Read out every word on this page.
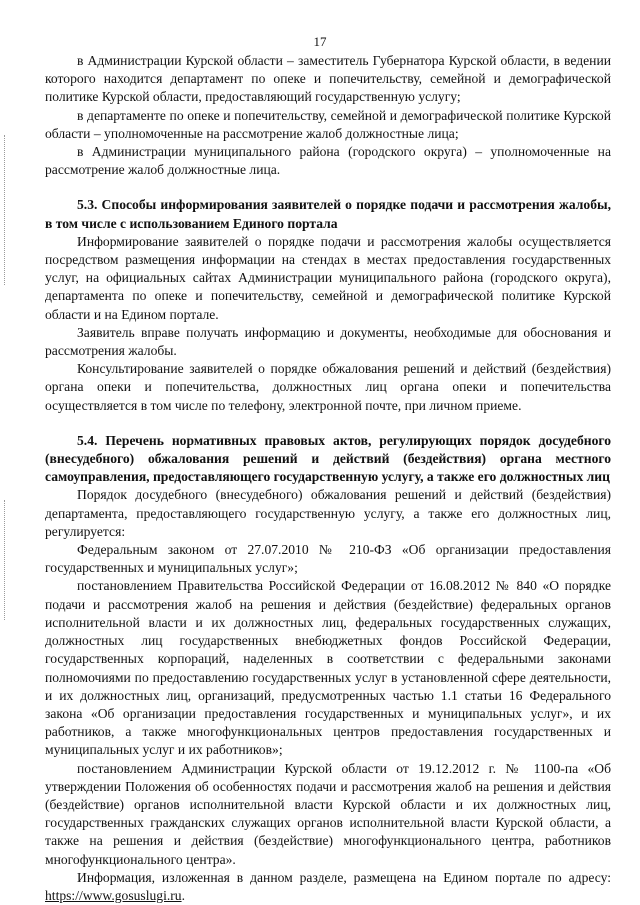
17

в Администрации Курской области – заместитель Губернатора Курской области, в ведении которого находится департамент по опеке и попечительству, семейной и демографической политике Курской области, предоставляющий государственную услугу;

в департаменте по опеке и попечительству, семейной и демографической политике Курской области – уполномоченные на рассмотрение жалоб должностные лица;

в Администрации муниципального района (городского округа) – уполномоченные на рассмотрение жалоб должностные лица.

5.3. Способы информирования заявителей о порядке подачи и рассмотрения жалобы, в том числе с использованием Единого портала

Информирование заявителей о порядке подачи и рассмотрения жалобы осуществляется посредством размещения информации на стендах в местах предоставления государственных услуг, на официальных сайтах Администрации муниципального района (городского округа), департамента по опеке и попечительству, семейной и демографической политике Курской области и на Едином портале.

Заявитель вправе получать информацию и документы, необходимые для обоснования и рассмотрения жалобы.

Консультирование заявителей о порядке обжалования решений и действий (бездействия) органа опеки и попечительства, должностных лиц органа опеки и попечительства осуществляется в том числе по телефону, электронной почте, при личном приеме.

5.4. Перечень нормативных правовых актов, регулирующих порядок досудебного (внесудебного) обжалования решений и действий (бездействия) органа местного самоуправления, предоставляющего государственную услугу, а также его должностных лиц

Порядок досудебного (внесудебного) обжалования решений и действий (бездействия) департамента, предоставляющего государственную услугу, а также его должностных лиц, регулируется:

Федеральным законом от 27.07.2010 № 210-ФЗ «Об организации предоставления государственных и муниципальных услуг»;

постановлением Правительства Российской Федерации от 16.08.2012 № 840 «О порядке подачи и рассмотрения жалоб на решения и действия (бездействие) федеральных органов исполнительной власти и их должностных лиц, федеральных государственных служащих, должностных лиц государственных внебюджетных фондов Российской Федерации, государственных корпораций, наделенных в соответствии с федеральными законами полномочиями по предоставлению государственных услуг в установленной сфере деятельности, и их должностных лиц, организаций, предусмотренных частью 1.1 статьи 16 Федерального закона «Об организации предоставления государственных и муниципальных услуг», и их работников, а также многофункциональных центров предоставления государственных и муниципальных услуг и их работников»;

постановлением Администрации Курской области от 19.12.2012 г. № 1100-па «Об утверждении Положения об особенностях подачи и рассмотрения жалоб на решения и действия (бездействие) органов исполнительной власти Курской области и их должностных лиц, государственных гражданских служащих органов исполнительной власти Курской области, а также на решения и действия (бездействие) многофункционального центра, работников многофункционального центра».

Информация, изложенная в данном разделе, размещена на Едином портале по адресу: https://www.gosuslugi.ru.
